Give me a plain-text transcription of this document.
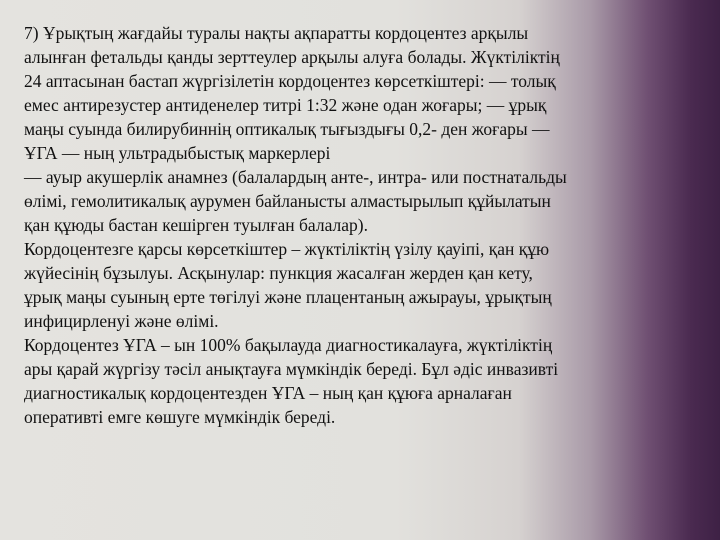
7) Ұрықтың жағдайы туралы нақты ақпаратты кордоцентез арқылы
алынған фетальды қанды зерттеулер арқылы алуға болады. Жүктіліктің
24 аптасынан бастап жүргізілетін кордоцентез көрсеткіштері: — толық
емес антирезустер антиденелер титрі 1:32 және одан жоғары; — ұрық
маңы суында билирубиннің оптикалық тығыздығы 0,2- ден жоғары —
ҰГА — ның ультрадыбыстық маркерлері
— ауыр акушерлік анамнез (балалардың анте-, интра- или постнатальды
өлімі, гемолитикалық аурумен байланысты алмастырылып құйылатын
қан құюды бастан кешірген туылған балалар).
Кордоцентезге қарсы көрсеткіштер – жүктіліктің үзілу қауіпі, қан құю
жүйесінің бұзылуы. Асқынулар: пункция жасалған жерден қан кету,
ұрық маңы суының ерте төгілуі және плацентаның ажырауы, ұрықтың
инфицирленуі және өлімі.
Кордоцентез ҰГА – ын 100% бақылауда диагностикалауға, жүктіліктің
ары қарай жүргізу тәсіл анықтауға мүмкіндік береді. Бұл әдіс инвазивті
диагностикалық кордоцентезден ҰГА – ның қан құюға арналаған
оперативті емге көшуге мүмкіндік береді.
